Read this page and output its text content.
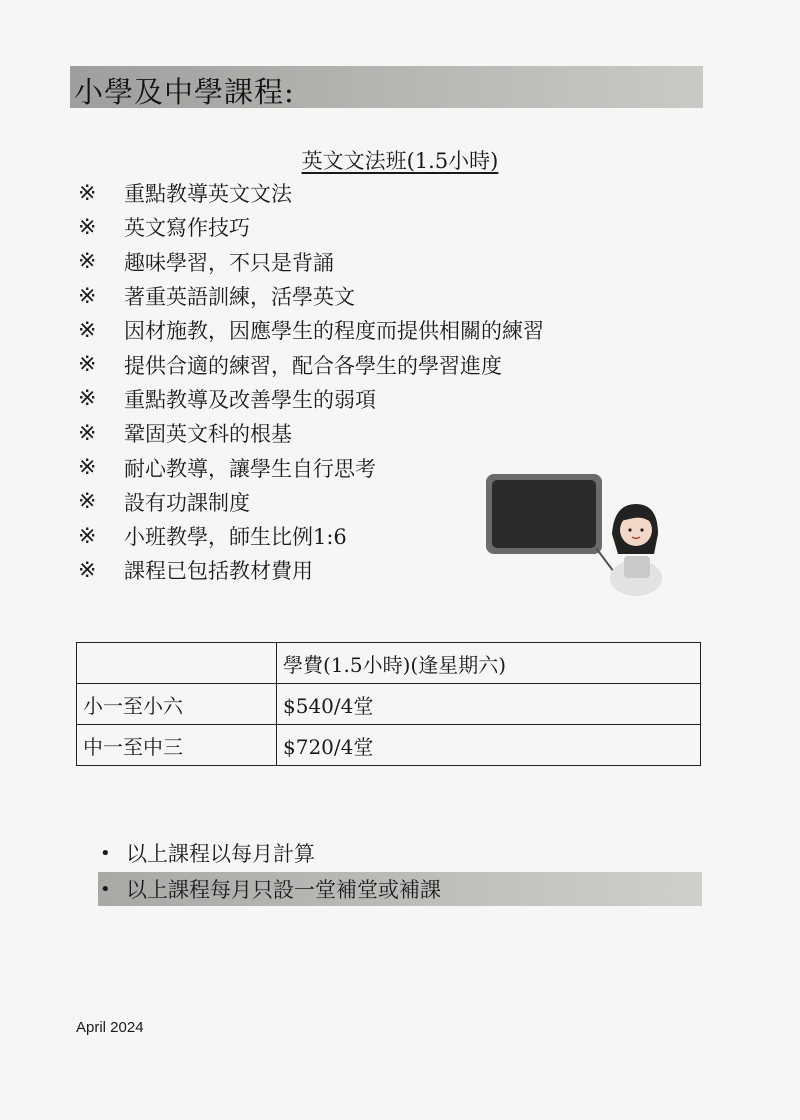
小學及中學課程:
英文文法班(1.5小時)
※	重點教導英文文法
※	英文寫作技巧
※	趣味學習，不只是背誦
※	著重英語訓練，活學英文
※	因材施教，因應學生的程度而提供相關的練習
※	提供合適的練習，配合各學生的學習進度
※	重點教導及改善學生的弱項
※	鞏固英文科的根基
※	耐心教導，讓學生自行思考
※	設有功課制度
※	小班教學，師生比例1:6
※	課程已包括教材費用
	學費(1.5小時)(逢星期六)
小一至小六	$540/4堂
中一至中三	$720/4堂
• 以上課程以每月計算
• 以上課程每月只設一堂補堂或補課
April 2024
